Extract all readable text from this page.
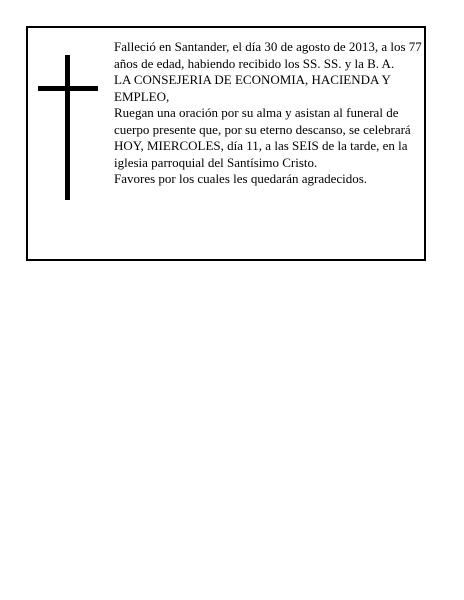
Falleció en Santander, el día 30 de agosto de 2013, a los 77 años de edad, habiendo recibido los SS. SS. y la B. A.

LA CONSEJERIA DE ECONOMIA, HACIENDA Y EMPLEO,

Ruegan una oración por su alma y asistan al funeral de cuerpo presente que, por su eterno descanso, se celebrará HOY, MIERCOLES, día 11, a las SEIS de la tarde, en la iglesia parroquial del Santísimo Cristo.

Favores por los cuales les quedarán agradecidos.
